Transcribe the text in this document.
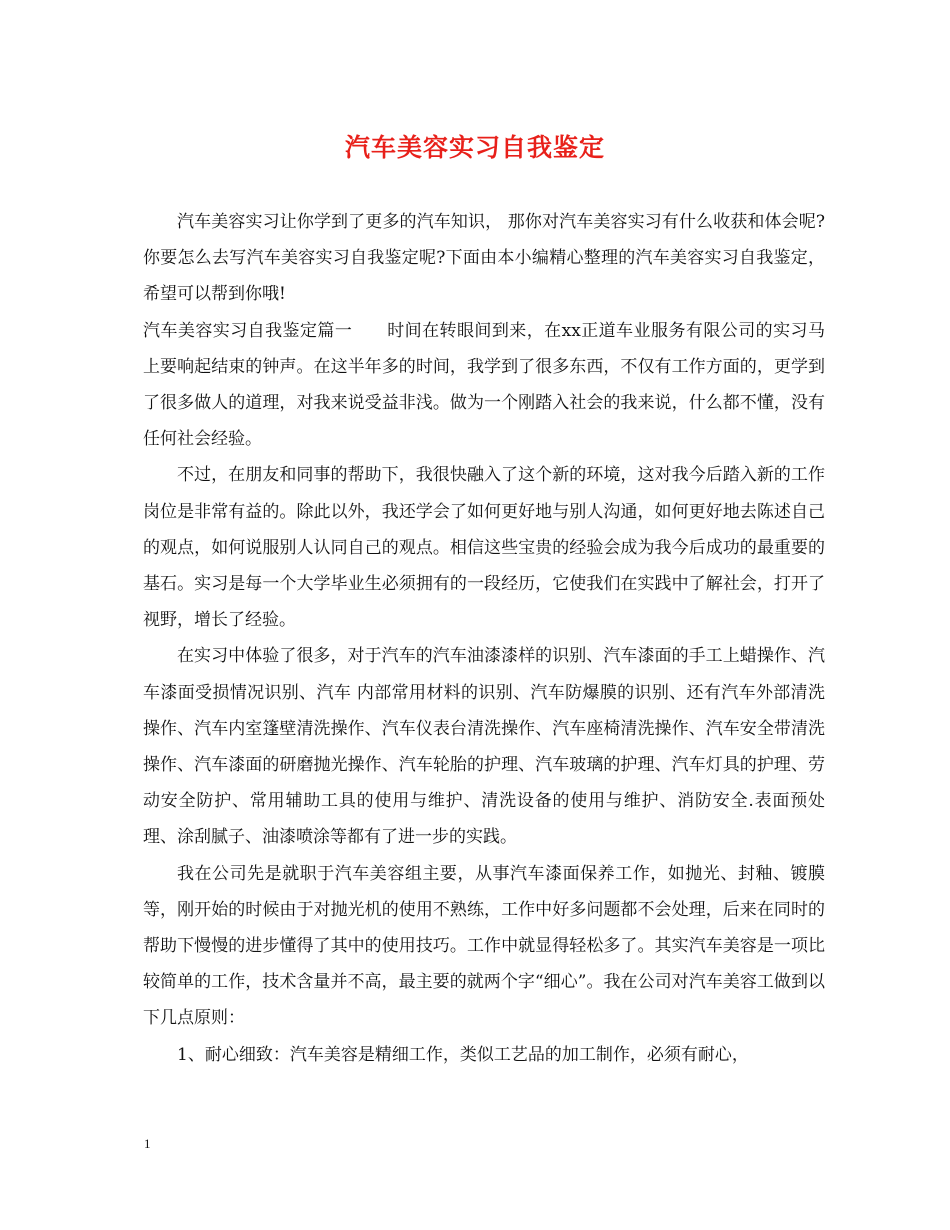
汽车美容实习自我鉴定

汽车美容实习让你学到了更多的汽车知识， 那你对汽车美容实习有什么收获和体会呢?你要怎么去写汽车美容实习自我鉴定呢?下面由本小编精心整理的汽车美容实习自我鉴定，希望可以帮到你哦!

汽车美容实习自我鉴定篇一　　时间在转眼间到来，在xx正道车业服务有限公司的实习马上要响起结束的钟声。在这半年多的时间，我学到了很多东西，不仅有工作方面的，更学到了很多做人的道理，对我来说受益非浅。做为一个刚踏入社会的我来说，什么都不懂，没有任何社会经验。

不过，在朋友和同事的帮助下，我很快融入了这个新的环境，这对我今后踏入新的工作岗位是非常有益的。除此以外，我还学会了如何更好地与别人沟通，如何更好地去陈述自己的观点，如何说服别人认同自己的观点。相信这些宝贵的经验会成为我今后成功的最重要的基石。实习是每一个大学毕业生必须拥有的一段经历，它使我们在实践中了解社会，打开了视野，增长了经验。

在实习中体验了很多，对于汽车的汽车油漆漆样的识别、汽车漆面的手工上蜡操作、汽车漆面受损情况识别、汽车 内部常用材料的识别、汽车防爆膜的识别、还有汽车外部清洗操作、汽车内室篷壁清洗操作、汽车仪表台清洗操作、汽车座椅清洗操作、汽车安全带清洗操作、汽车漆面的研磨抛光操作、汽车轮胎的护理、汽车玻璃的护理、汽车灯具的护理、劳动安全防护、常用辅助工具的使用与维护、清洗设备的使用与维护、消防安全.表面预处理、涂刮腻子、油漆喷涂等都有了进一步的实践。

我在公司先是就职于汽车美容组主要，从事汽车漆面保养工作，如抛光、封釉、镀膜等，刚开始的时候由于对抛光机的使用不熟练，工作中好多问题都不会处理，后来在同时的帮助下慢慢的进步懂得了其中的使用技巧。工作中就显得轻松多了。其实汽车美容是一项比较简单的工作，技术含量并不高，最主要的就两个字“细心”。我在公司对汽车美容工做到以下几点原则：

1、耐心细致：汽车美容是精细工作，类似工艺品的加工制作，必须有耐心，

1
